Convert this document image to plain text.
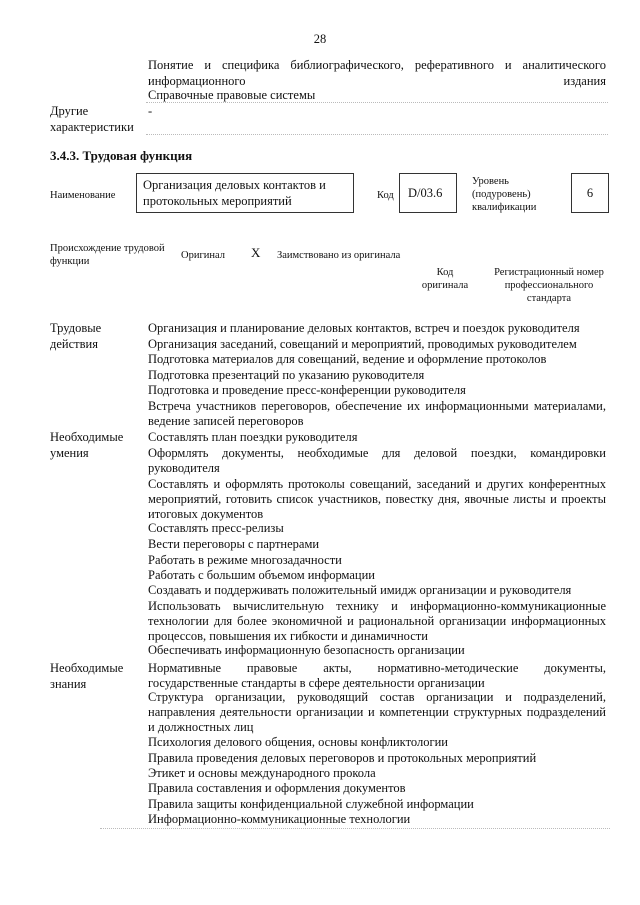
28
Понятие и специфика библиографического, реферативного и аналитического информационного издания
Справочные правовые системы
Другие характеристики
-
3.4.3. Трудовая функция
Наименование
Организация деловых контактов и протокольных мероприятий	Код D/03.6
Уровень (подуровень) квалификации
6
Происхождение трудовой функции
Оригинал X Заимствовано из оригинала
Код оригинала
Регистрационный номер профессионального стандарта
Трудовые действия
Организация и планирование деловых контактов, встреч и поездок руководителя
Организация заседаний, совещаний и мероприятий, проводимых руководителем
Подготовка материалов для совещаний, ведение и оформление протоколов
Подготовка презентаций по указанию руководителя
Подготовка и проведение пресс-конференции руководителя
Встреча участников переговоров, обеспечение их информационными материалами, ведение записей переговоров
Необходимые умения
Составлять план поездки руководителя
Оформлять документы, необходимые для деловой поездки, командировки руководителя
Составлять и оформлять протоколы совещаний, заседаний и других конферентных мероприятий, готовить список участников, повестку дня, явочные листы и проекты итоговых документов
Составлять пресс-релизы
Вести переговоры с партнерами
Работать в режиме многозадачности
Работать с большим объемом информации
Создавать и поддерживать положительный имидж организации и руководителя
Использовать вычислительную технику и информационно-коммуникационные технологии для более экономичной и рациональной организации информационных процессов, повышения их гибкости и динамичности
Обеспечивать информационную безопасность организации
Необходимые знания
Нормативные правовые акты, нормативно-методические документы, государственные стандарты в сфере деятельности организации
Структура организации, руководящий состав организации и подразделений, направления деятельности организации и компетенции структурных подразделений и должностных лиц
Психология делового общения, основы конфликтологии
Правила проведения деловых переговоров и протокольных мероприятий
Этикет и основы международного прокола
Правила составления и оформления документов
Правила защиты конфиденциальной служебной информации
Информационно-коммуникационные технологии
